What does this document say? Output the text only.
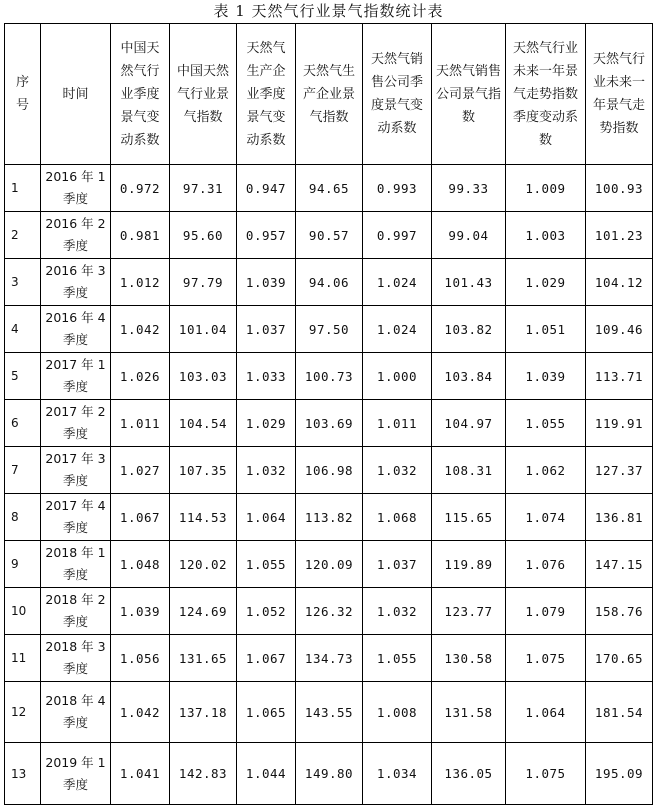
表 1 天然气行业景气指数统计表
序号	时间	中国天然气行业季度景气变动系数	中国天然气行业景气指数	天然气生产企业季度景气变动系数	天然气生产企业景气指数	天然气销售公司季度景气变动系数	天然气销售公司景气指数	天然气行业未来一年景气走势指数季度变动系数	天然气行业未来一年景气走势指数

1	2016 年 1 季度	0.972	97.31	0.947	94.65	0.993	99.33	1.009	100.93
2	2016 年 2 季度	0.981	95.60	0.957	90.57	0.997	99.04	1.003	101.23
3	2016 年 3 季度	1.012	97.79	1.039	94.06	1.024	101.43	1.029	104.12
4	2016 年 4 季度	1.042	101.04	1.037	97.50	1.024	103.82	1.051	109.46
5	2017 年 1 季度	1.026	103.03	1.033	100.73	1.000	103.84	1.039	113.71
6	2017 年 2 季度	1.011	104.54	1.029	103.69	1.011	104.97	1.055	119.91
7	2017 年 3 季度	1.027	107.35	1.032	106.98	1.032	108.31	1.062	127.37
8	2017 年 4 季度	1.067	114.53	1.064	113.82	1.068	115.65	1.074	136.81
9	2018 年 1 季度	1.048	120.02	1.055	120.09	1.037	119.89	1.076	147.15
10	2018 年 2 季度	1.039	124.69	1.052	126.32	1.032	123.77	1.079	158.76
11	2018 年 3 季度	1.056	131.65	1.067	134.73	1.055	130.58	1.075	170.65
12	2018 年 4 季度	1.042	137.18	1.065	143.55	1.008	131.58	1.064	181.54
13	2019 年 1 季度	1.041	142.83	1.044	149.80	1.034	136.05	1.075	195.09
